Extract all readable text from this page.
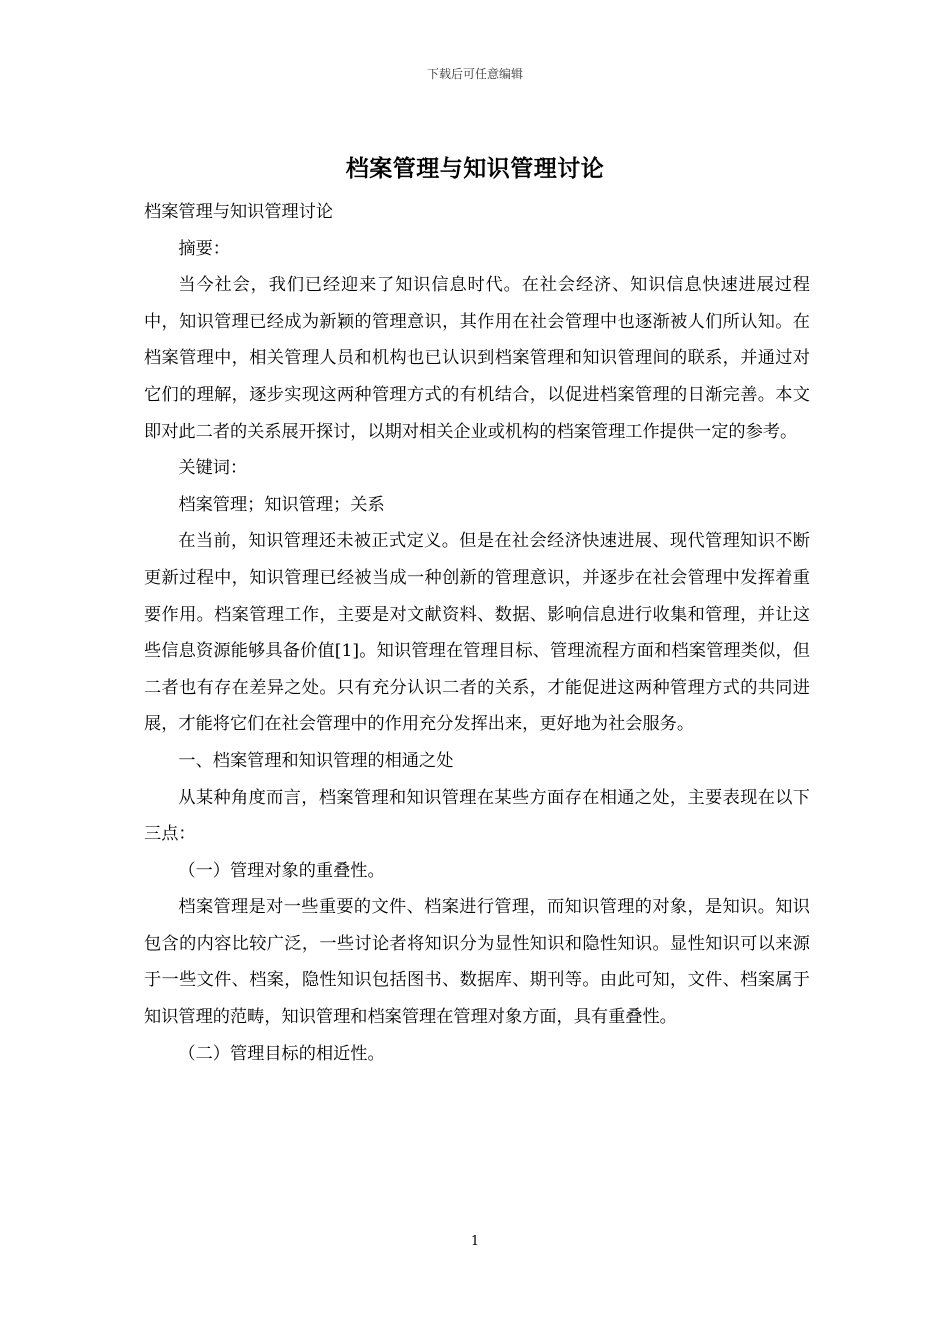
下载后可任意编辑
档案管理与知识管理讨论

档案管理与知识管理讨论

摘要：

当今社会，我们已经迎来了知识信息时代。在社会经济、知识信息快速进展过程中，知识管理已经成为新颖的管理意识，其作用在社会管理中也逐渐被人们所认知。在档案管理中，相关管理人员和机构也已认识到档案管理和知识管理间的联系，并通过对它们的理解，逐步实现这两种管理方式的有机结合，以促进档案管理的日渐完善。本文即对此二者的关系展开探讨，以期对相关企业或机构的档案管理工作提供一定的参考。

关键词：

档案管理；知识管理；关系

在当前，知识管理还未被正式定义。但是在社会经济快速进展、现代管理知识不断更新过程中，知识管理已经被当成一种创新的管理意识，并逐步在社会管理中发挥着重要作用。档案管理工作，主要是对文献资料、数据、影响信息进行收集和管理，并让这些信息资源能够具备价值[1]。知识管理在管理目标、管理流程方面和档案管理类似，但二者也有存在差异之处。只有充分认识二者的关系，才能促进这两种管理方式的共同进展，才能将它们在社会管理中的作用充分发挥出来，更好地为社会服务。

一、档案管理和知识管理的相通之处

从某种角度而言，档案管理和知识管理在某些方面存在相通之处，主要表现在以下三点：

（一）管理对象的重叠性。

档案管理是对一些重要的文件、档案进行管理，而知识管理的对象，是知识。知识包含的内容比较广泛，一些讨论者将知识分为显性知识和隐性知识。显性知识可以来源于一些文件、档案，隐性知识包括图书、数据库、期刊等。由此可知，文件、档案属于知识管理的范畴，知识管理和档案管理在管理对象方面，具有重叠性。

（二）管理目标的相近性。

1
